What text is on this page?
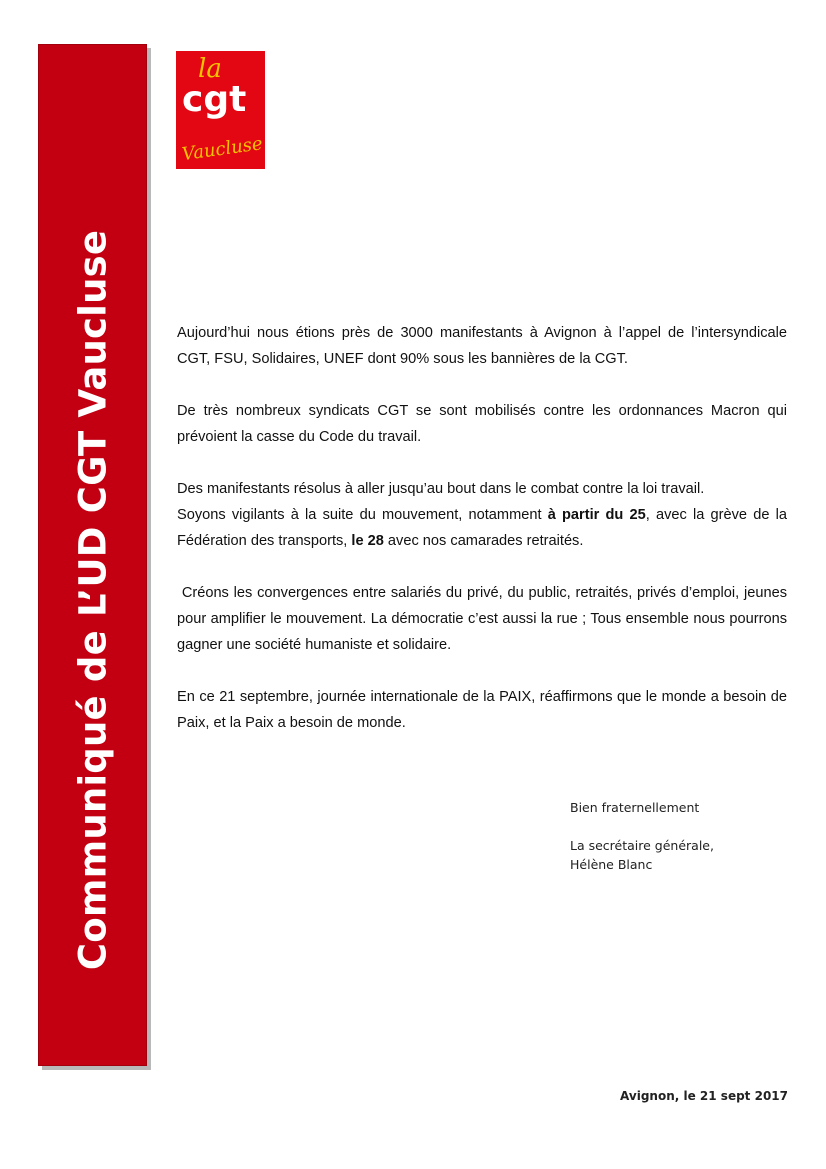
Communiqué de L’UD CGT Vaucluse
la
cgt
Vaucluse

Aujourd’hui nous étions près de 3000 manifestants à Avignon à l’appel de l’intersyndicale CGT, FSU, Solidaires, UNEF dont 90% sous les bannières de la CGT.

De très nombreux syndicats CGT se sont mobilisés contre les ordonnances Macron qui prévoient la casse du Code du travail.

Des manifestants résolus à aller jusqu’au bout dans le combat contre la loi travail.

Soyons vigilants à la suite du mouvement, notamment à partir du 25, avec la grève de la Fédération des transports, le 28 avec nos camarades retraités.

Créons les convergences entre salariés du privé, du public, retraités, privés d’emploi, jeunes pour amplifier le mouvement. La démocratie c’est aussi la rue ; Tous ensemble nous pourrons gagner une société humaniste et solidaire.

En ce 21 septembre, journée internationale de la PAIX, réaffirmons que le monde a besoin de Paix, et la Paix a besoin de monde.

Bien fraternellement
La secrétaire générale,
Hélène Blanc
Avignon, le 21 sept 2017
